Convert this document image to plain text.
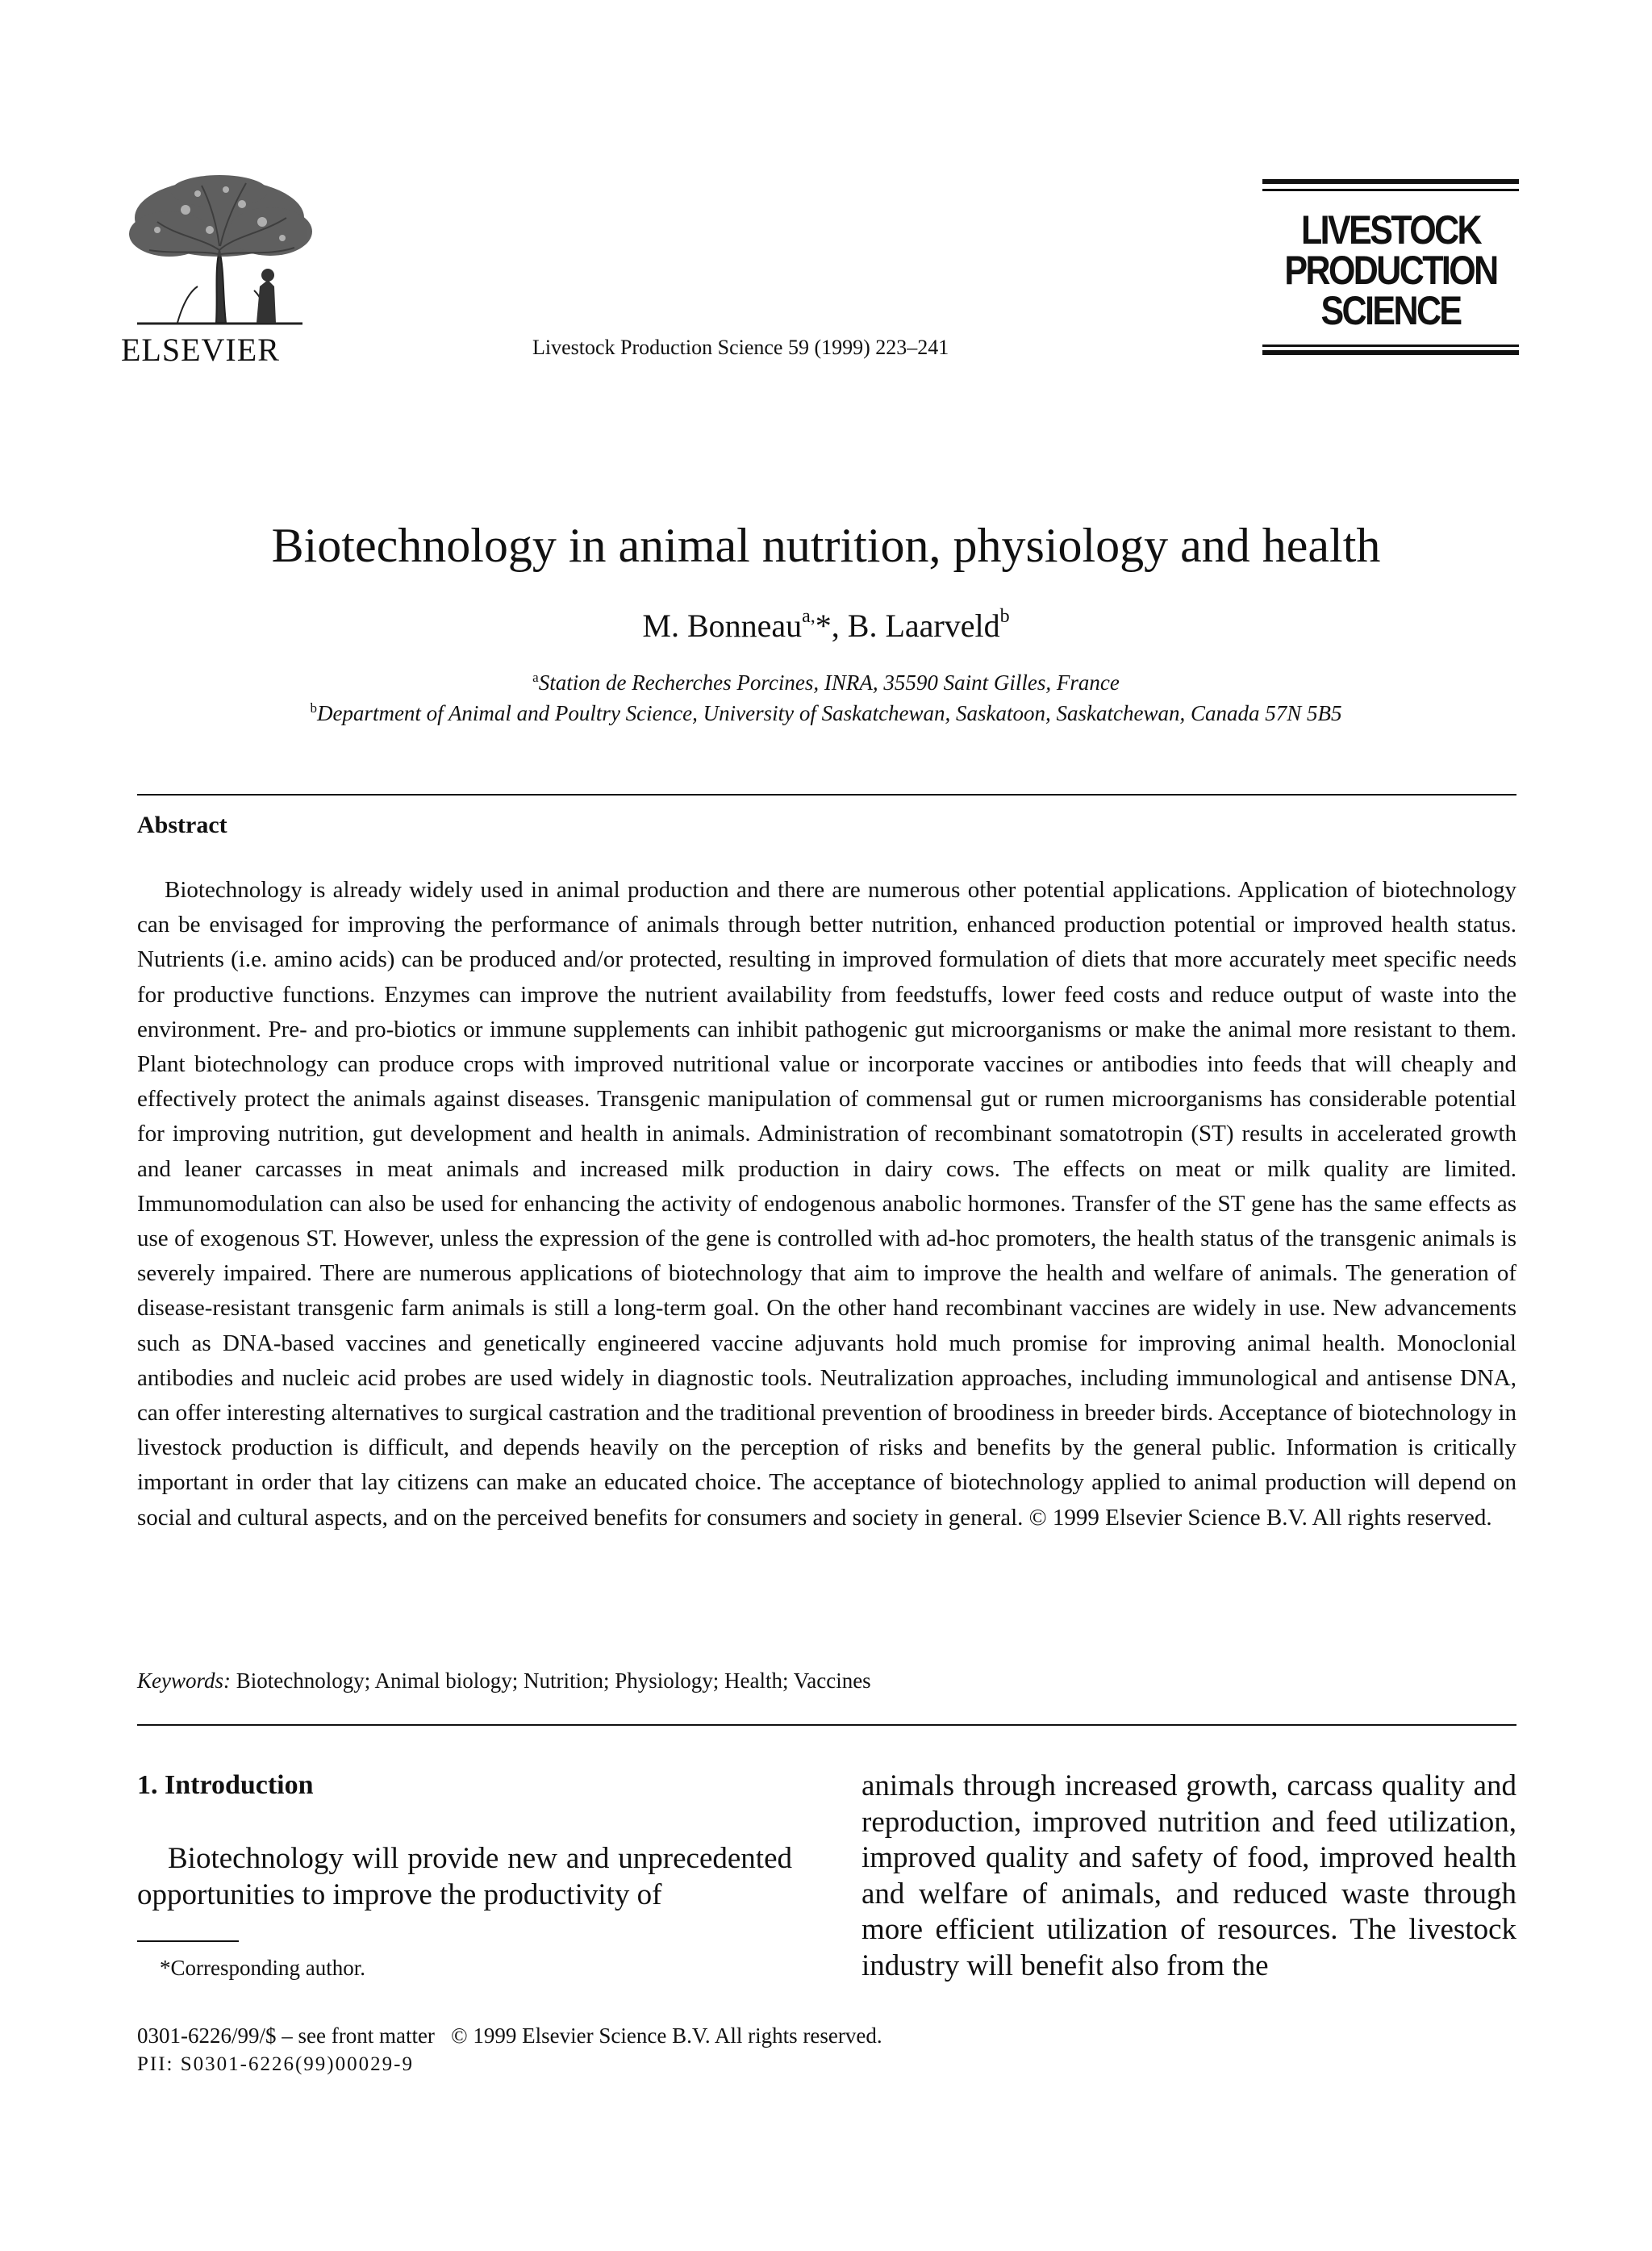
ELSEVIER	Livestock Production Science 59 (1999) 223–241
LIVESTOCK
PRODUCTION
SCIENCE
Biotechnology in animal nutrition, physiology and health
M. Bonneau$^{a,}$*, B. Laarveld$^b$
$^a$Station de Recherches Porcines, INRA, 35590 Saint Gilles, France
$^b$Department of Animal and Poultry Science, University of Saskatchewan, Saskatoon, Saskatchewan, Canada 57N 5B5
Abstract
Biotechnology is already widely used in animal production and there are numerous other potential applications. Application of biotechnology can be envisaged for improving the performance of animals through better nutrition, enhanced production potential or improved health status. Nutrients (i.e. amino acids) can be produced and/or protected, resulting in improved formulation of diets that more accurately meet specific needs for productive functions. Enzymes can improve the nutrient availability from feedstuffs, lower feed costs and reduce output of waste into the environment. Pre- and pro-biotics or immune supplements can inhibit pathogenic gut microorganisms or make the animal more resistant to them. Plant biotechnology can produce crops with improved nutritional value or incorporate vaccines or antibodies into feeds that will cheaply and effectively protect the animals against diseases. Transgenic manipulation of commensal gut or rumen microorganisms has considerable potential for improving nutrition, gut development and health in animals. Administration of recombinant somatotropin (ST) results in accelerated growth and leaner carcasses in meat animals and increased milk production in dairy cows. The effects on meat or milk quality are limited. Immunomodulation can also be used for enhancing the activity of endogenous anabolic hormones. Transfer of the ST gene has the same effects as use of exogenous ST. However, unless the expression of the gene is controlled with ad-hoc promoters, the health status of the transgenic animals is severely impaired. There are numerous applications of biotechnology that aim to improve the health and welfare of animals. The generation of disease-resistant transgenic farm animals is still a long-term goal. On the other hand recombinant vaccines are widely in use. New advancements such as DNA-based vaccines and genetically engineered vaccine adjuvants hold much promise for improving animal health. Monoclonial antibodies and nucleic acid probes are used widely in diagnostic tools. Neutralization approaches, including immunological and antisense DNA, can offer interesting alternatives to surgical castration and the traditional prevention of broodiness in breeder birds. Acceptance of biotechnology in livestock production is difficult, and depends heavily on the perception of risks and benefits by the general public. Information is critically important in order that lay citizens can make an educated choice. The acceptance of biotechnology applied to animal production will depend on social and cultural aspects, and on the perceived benefits for consumers and society in general. © 1999 Elsevier Science B.V. All rights reserved.
Keywords: Biotechnology; Animal biology; Nutrition; Physiology; Health; Vaccines
1. Introduction
Biotechnology will provide new and unprecedented opportunities to improve the productivity of
animals through increased growth, carcass quality and reproduction, improved nutrition and feed utilization, improved quality and safety of food, improved health and welfare of animals, and reduced waste through more efficient utilization of resources. The livestock industry will benefit also from the
*Corresponding author.
0301-6226/99/$ – see front matter   © 1999 Elsevier Science B.V. All rights reserved.
PII: S0301-6226(99)00029-9
